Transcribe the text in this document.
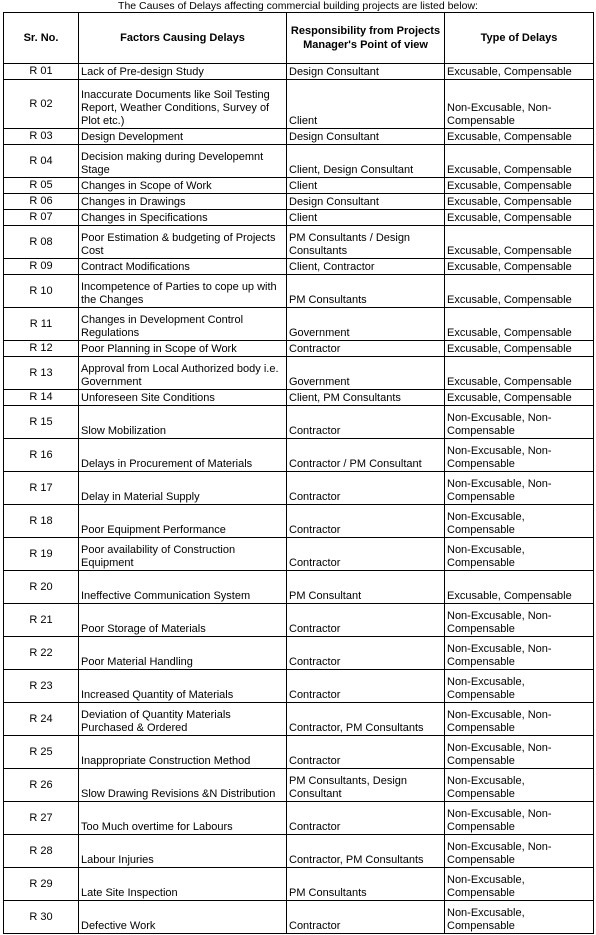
The Causes of Delays affecting commercial building projects are listed below:
Sr. No.	Factors Causing Delays	Responsibility from Projects Manager's Point of view	Type of Delays
R 01	Lack of Pre-design Study	Design Consultant	Excusable, Compensable
R 02	Inaccurate Documents like Soil Testing Report, Weather Conditions, Survey of Plot etc.)	Client	Non-Excusable, Non-Compensable
R 03	Design Development	Design Consultant	Excusable, Compensable
R 04	Decision making during Developemnt Stage	Client, Design Consultant	Excusable, Compensable
R 05	Changes in Scope of Work	Client	Excusable, Compensable
R 06	Changes in Drawings	Design Consultant	Excusable, Compensable
R 07	Changes in Specifications	Client	Excusable, Compensable
R 08	Poor Estimation & budgeting of Projects Cost	PM Consultants / Design Consultants	Excusable, Compensable
R 09	Contract Modifications	Client, Contractor	Excusable, Compensable
R 10	Incompetence of Parties to cope up with the Changes	PM Consultants	Excusable, Compensable
R 11	Changes in Development Control Regulations	Government	Excusable, Compensable
R 12	Poor Planning in Scope of Work	Contractor	Excusable, Compensable
R 13	Approval from Local Authorized body i.e. Government	Government	Excusable, Compensable
R 14	Unforeseen Site Conditions	Client, PM Consultants	Excusable, Compensable
R 15	Slow Mobilization	Contractor	Non-Excusable, Non-Compensable
R 16	Delays in Procurement of Materials	Contractor / PM Consultant	Non-Excusable, Non-Compensable
R 17	Delay in Material Supply	Contractor	Non-Excusable, Non-Compensable
R 18	Poor Equipment Performance	Contractor	Non-Excusable, Compensable
R 19	Poor availability of Construction Equipment	Contractor	Non-Excusable, Compensable
R 20	Ineffective Communication System	PM Consultant	Excusable, Compensable
R 21	Poor Storage of Materials	Contractor	Non-Excusable, Non-Compensable
R 22	Poor Material Handling	Contractor	Non-Excusable, Non-Compensable
R 23	Increased Quantity of Materials	Contractor	Non-Excusable, Compensable
R 24	Deviation of Quantity Materials Purchased & Ordered	Contractor, PM Consultants	Non-Excusable, Non-Compensable
R 25	Inappropriate Construction Method	Contractor	Non-Excusable, Non-Compensable
R 26	Slow Drawing Revisions &N Distribution	PM Consultants, Design Consultant	Non-Excusable, Compensable
R 27	Too Much overtime for Labours	Contractor	Non-Excusable, Non-Compensable
R 28	Labour Injuries	Contractor, PM Consultants	Non-Excusable, Non-Compensable
R 29	Late Site Inspection	PM Consultants	Non-Excusable, Compensable
R 30	Defective Work	Contractor	Non-Excusable, Compensable
